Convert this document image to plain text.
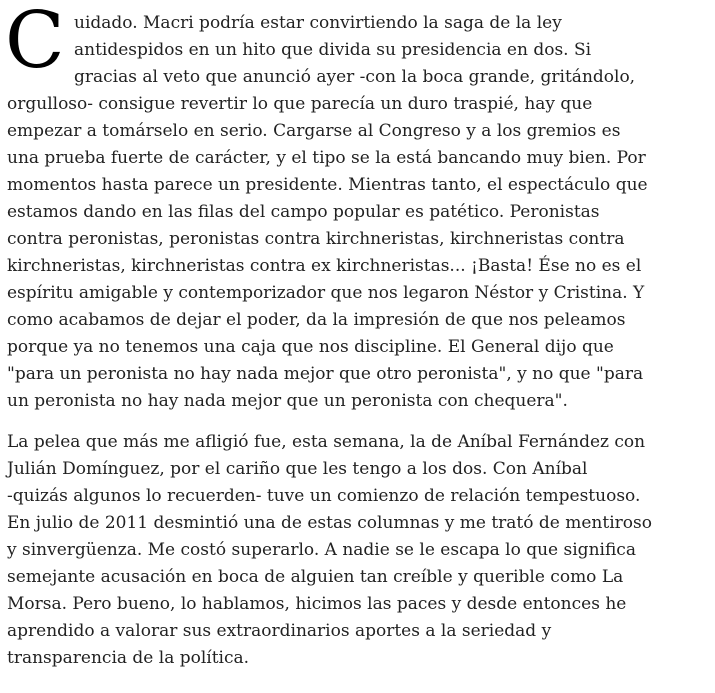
C uidado. Macri podría estar convirtiendo la saga de la ley
antidespidos en un hito que divida su presidencia en dos. Si
gracias al veto que anunció ayer -con la boca grande, gritándolo,
orgulloso- consigue revertir lo que parecía un duro traspié, hay que
empezar a tomárselo en serio. Cargarse al Congreso y a los gremios es
una prueba fuerte de carácter, y el tipo se la está bancando muy bien. Por
momentos hasta parece un presidente. Mientras tanto, el espectáculo que
estamos dando en las filas del campo popular es patético. Peronistas
contra peronistas, peronistas contra kirchneristas, kirchneristas contra
kirchneristas, kirchneristas contra ex kirchneristas... ¡Basta! Ése no es el
espíritu amigable y contemporizador que nos legaron Néstor y Cristina. Y
como acabamos de dejar el poder, da la impresión de que nos peleamos
porque ya no tenemos una caja que nos discipline. El General dijo que
"para un peronista no hay nada mejor que otro peronista", y no que "para
un peronista no hay nada mejor que un peronista con chequera".

La pelea que más me afligió fue, esta semana, la de Aníbal Fernández con
Julián Domínguez, por el cariño que les tengo a los dos. Con Aníbal
-quizás algunos lo recuerden- tuve un comienzo de relación tempestuoso.
En julio de 2011 desmintió una de estas columnas y me trató de mentiroso
y sinvergüenza. Me costó superarlo. A nadie se le escapa lo que significa
semejante acusación en boca de alguien tan creíble y querible como La
Morsa. Pero bueno, lo hablamos, hicimos las paces y desde entonces he
aprendido a valorar sus extraordinarios aportes a la seriedad y
transparencia de la política.
